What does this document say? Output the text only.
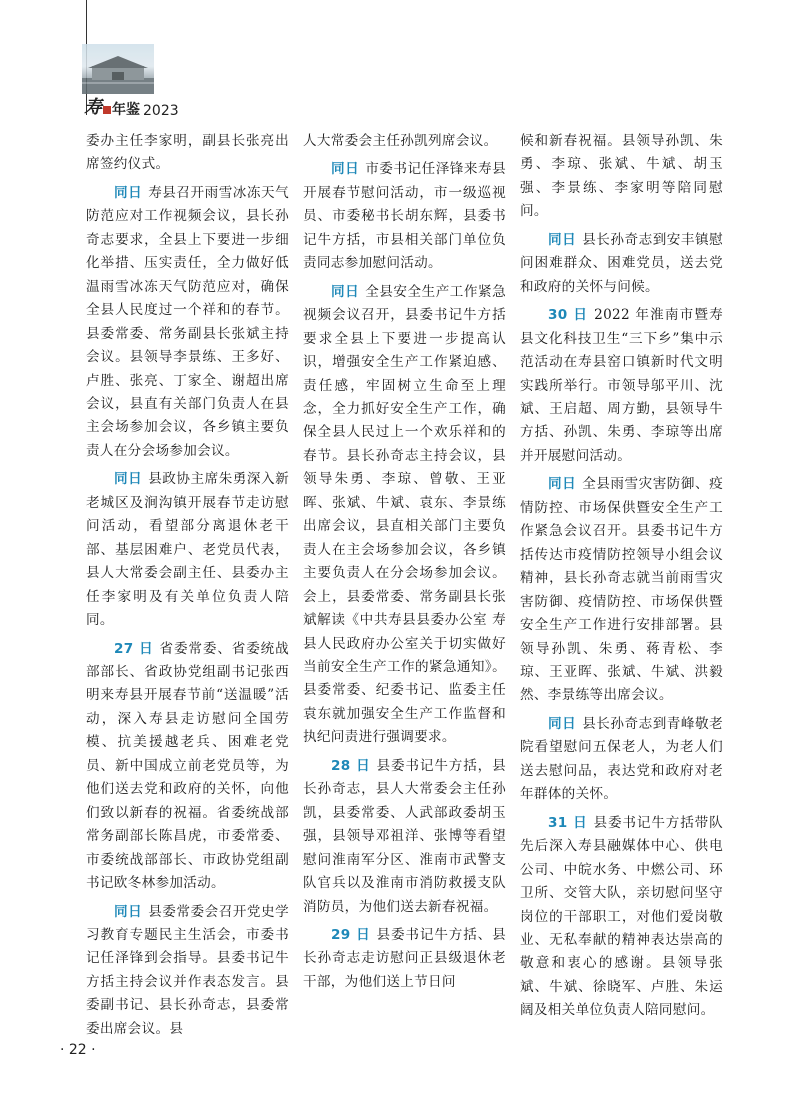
寿 年鉴 2023

委办主任李家明，副县长张亮出席签约仪式。

同日 寿县召开雨雪冰冻天气防范应对工作视频会议，县长孙奇志要求，全县上下要进一步细化举措、压实责任，全力做好低温雨雪冰冻天气防范应对，确保全县人民度过一个祥和的春节。县委常委、常务副县长张斌主持会议。县领导李景练、王多好、卢胜、张亮、丁家全、谢超出席会议，县直有关部门负责人在县主会场参加会议，各乡镇主要负责人在分会场参加会议。

同日 县政协主席朱勇深入新老城区及涧沟镇开展春节走访慰问活动，看望部分离退休老干部、基层困难户、老党员代表，县人大常委会副主任、县委办主任李家明及有关单位负责人陪同。

27 日 省委常委、省委统战部部长、省政协党组副书记张西明来寿县开展春节前“送温暖”活动，深入寿县走访慰问全国劳模、抗美援越老兵、困难老党员、新中国成立前老党员等，为他们送去党和政府的关怀，向他们致以新春的祝福。省委统战部常务副部长陈昌虎，市委常委、市委统战部部长、市政协党组副书记欧冬林参加活动。

同日 县委常委会召开党史学习教育专题民主生活会，市委书记任泽锋到会指导。县委书记牛方括主持会议并作表态发言。县委副书记、县长孙奇志，县委常委出席会议。县

人大常委会主任孙凯列席会议。

同日 市委书记任泽锋来寿县开展春节慰问活动，市一级巡视员、市委秘书长胡东辉，县委书记牛方括，市县相关部门单位负责同志参加慰问活动。

同日 全县安全生产工作紧急视频会议召开，县委书记牛方括要求全县上下要进一步提高认识，增强安全生产工作紧迫感、责任感，牢固树立生命至上理念，全力抓好安全生产工作，确保全县人民过上一个欢乐祥和的春节。县长孙奇志主持会议，县领导朱勇、李琼、曾敬、王亚晖、张斌、牛斌、袁东、李景练出席会议，县直相关部门主要负责人在主会场参加会议，各乡镇主要负责人在分会场参加会议。会上，县委常委、常务副县长张斌解读《中共寿县县委办公室 寿县人民政府办公室关于切实做好当前安全生产工作的紧急通知》。县委常委、纪委书记、监委主任袁东就加强安全生产工作监督和执纪问责进行强调要求。

28 日 县委书记牛方括，县长孙奇志，县人大常委会主任孙凯，县委常委、人武部政委胡玉强，县领导邓祖洋、张博等看望慰问淮南军分区、淮南市武警支队官兵以及淮南市消防救援支队消防员，为他们送去新春祝福。

29 日 县委书记牛方括、县长孙奇志走访慰问正县级退休老干部，为他们送上节日问

候和新春祝福。县领导孙凯、朱勇、李琼、张斌、牛斌、胡玉强、李景练、李家明等陪同慰问。

同日 县长孙奇志到安丰镇慰问困难群众、困难党员，送去党和政府的关怀与问候。

30 日 2022 年淮南市暨寿县文化科技卫生“三下乡”集中示范活动在寿县窑口镇新时代文明实践所举行。市领导邬平川、沈斌、王启超、周方勤，县领导牛方括、孙凯、朱勇、李琼等出席并开展慰问活动。

同日 全县雨雪灾害防御、疫情防控、市场保供暨安全生产工作紧急会议召开。县委书记牛方括传达市疫情防控领导小组会议精神，县长孙奇志就当前雨雪灾害防御、疫情防控、市场保供暨安全生产工作进行安排部署。县领导孙凯、朱勇、蒋青松、李琼、王亚晖、张斌、牛斌、洪毅然、李景练等出席会议。

同日 县长孙奇志到青峰敬老院看望慰问五保老人，为老人们送去慰问品，表达党和政府对老年群体的关怀。

31 日 县委书记牛方括带队先后深入寿县融媒体中心、供电公司、中皖水务、中燃公司、环卫所、交管大队，亲切慰问坚守岗位的干部职工，对他们爱岗敬业、无私奉献的精神表达崇高的敬意和衷心的感谢。县领导张斌、牛斌、徐晓军、卢胜、朱运阔及相关单位负责人陪同慰问。

· 22 ·
